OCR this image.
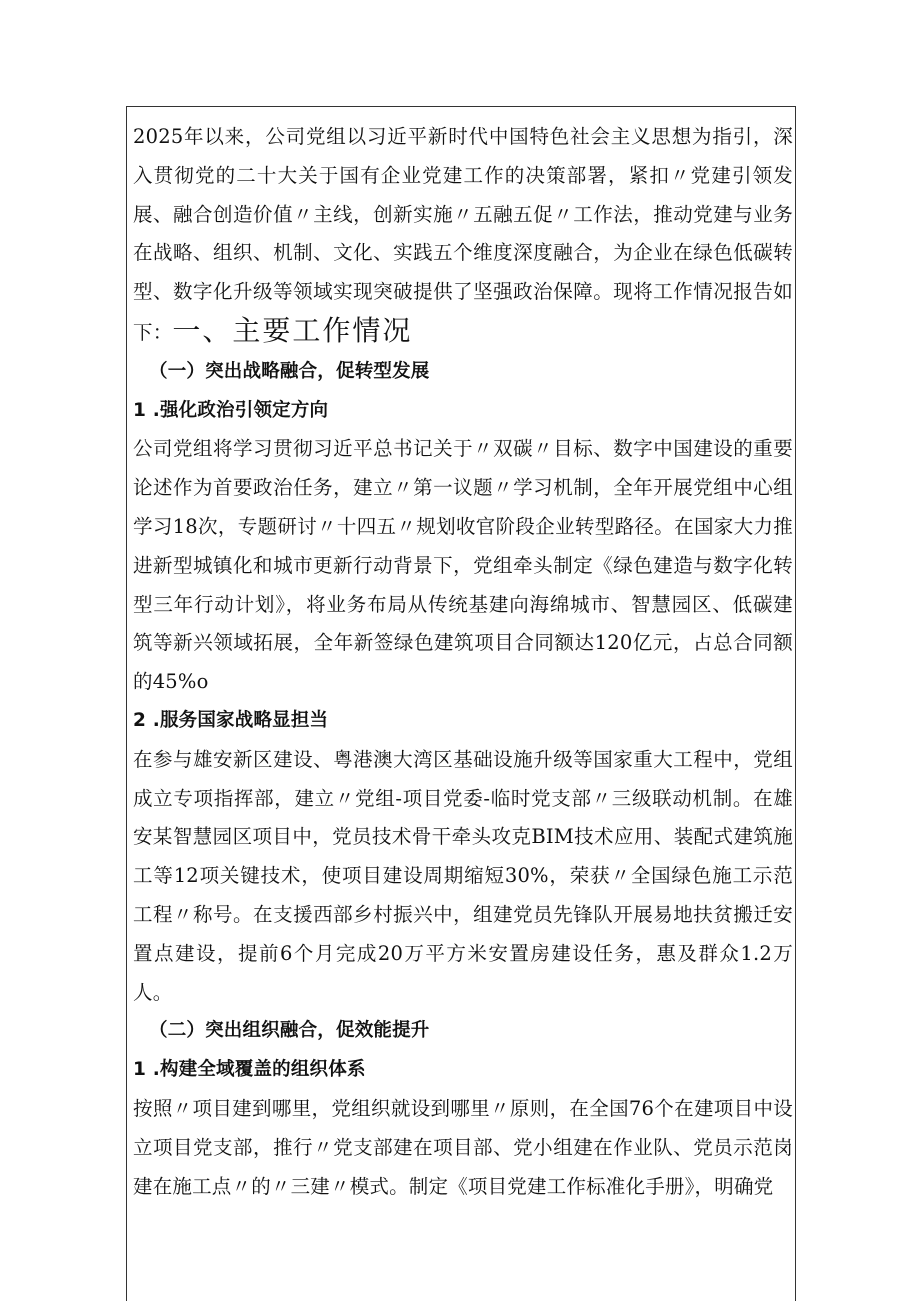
2025年以来，公司党组以习近平新时代中国特色社会主义思想为指引，深入贯彻党的二十大关于国有企业党建工作的决策部署，紧扣〃党建引领发展、融合创造价值〃主线，创新实施〃五融五促〃工作法，推动党建与业务在战略、组织、机制、文化、实践五个维度深度融合，为企业在绿色低碳转型、数字化升级等领域实现突破提供了坚强政治保障。现将工作情况报告如下：一、主要工作情况

（一）突出战略融合，促转型发展

1 .强化政治引领定方向

公司党组将学习贯彻习近平总书记关于〃双碳〃目标、数字中国建设的重要论述作为首要政治任务，建立〃第一议题〃学习机制，全年开展党组中心组学习18次，专题研讨〃十四五〃规划收官阶段企业转型路径。在国家大力推进新型城镇化和城市更新行动背景下，党组牵头制定《绿色建造与数字化转型三年行动计划》，将业务布局从传统基建向海绵城市、智慧园区、低碳建筑等新兴领域拓展，全年新签绿色建筑项目合同额达120亿元，占总合同额的45%o

2 .服务国家战略显担当

在参与雄安新区建设、粤港澳大湾区基础设施升级等国家重大工程中，党组成立专项指挥部，建立〃党组-项目党委-临时党支部〃三级联动机制。在雄安某智慧园区项目中，党员技术骨干牵头攻克BIM技术应用、装配式建筑施工等12项关键技术，使项目建设周期缩短30%，荣获〃全国绿色施工示范工程〃称号。在支援西部乡村振兴中，组建党员先锋队开展易地扶贫搬迁安置点建设，提前6个月完成20万平方米安置房建设任务，惠及群众1.2万人。

（二）突出组织融合，促效能提升

1 .构建全域覆盖的组织体系

按照〃项目建到哪里，党组织就设到哪里〃原则，在全国76个在建项目中设立项目党支部，推行〃党支部建在项目部、党小组建在作业队、党员示范岗建在施工点〃的〃三建〃模式。制定《项目党建工作标准化手册》，明确党
